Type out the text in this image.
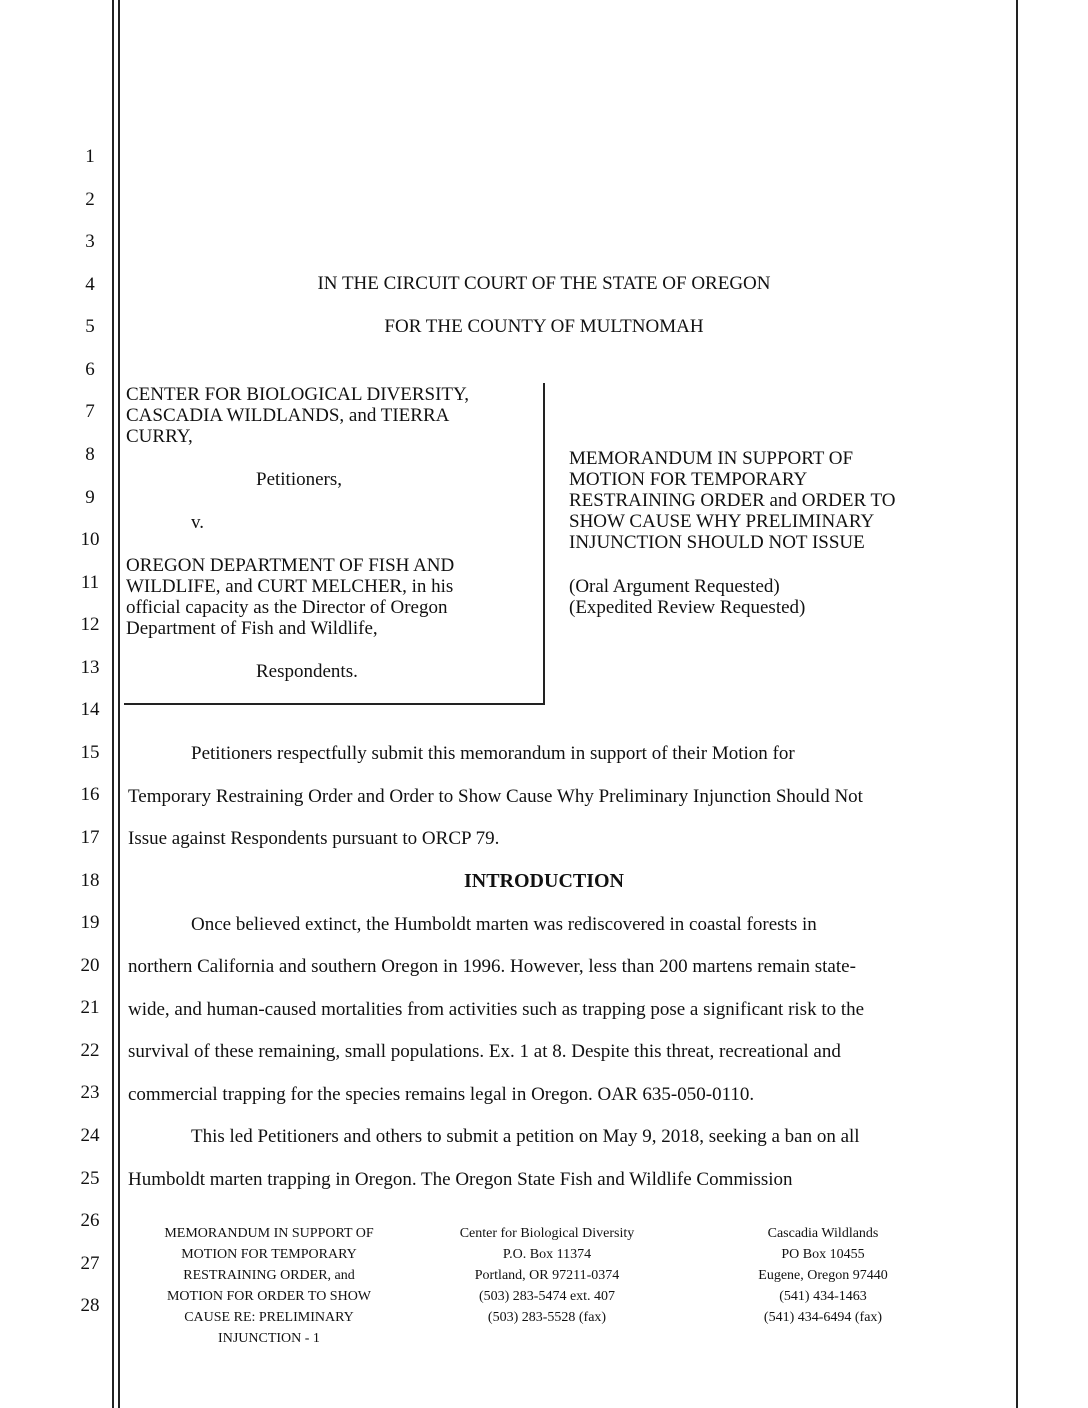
1
2
3
4
5
6
7
8
9
10
11
12
13
14
15
16
17
18
19
20
21
22
23
24
25
26
27
28
IN THE CIRCUIT COURT OF THE STATE OF OREGON
FOR THE COUNTY OF MULTNOMAH
CENTER FOR BIOLOGICAL DIVERSITY,
CASCADIA WILDLANDS, and TIERRA
CURRY,
Petitioners,
v.
OREGON DEPARTMENT OF FISH AND
WILDLIFE, and CURT MELCHER, in his
official capacity as the Director of Oregon
Department of Fish and Wildlife,
Respondents.
MEMORANDUM IN SUPPORT OF
MOTION FOR TEMPORARY
RESTRAINING ORDER and ORDER TO
SHOW CAUSE WHY PRELIMINARY
INJUNCTION SHOULD NOT ISSUE
(Oral Argument Requested)
(Expedited Review Requested)
Petitioners respectfully submit this memorandum in support of their Motion for
Temporary Restraining Order and Order to Show Cause Why Preliminary Injunction Should Not
Issue against Respondents pursuant to ORCP 79.
INTRODUCTION
Once believed extinct, the Humboldt marten was rediscovered in coastal forests in
northern California and southern Oregon in 1996. However, less than 200 martens remain state-
wide, and human-caused mortalities from activities such as trapping pose a significant risk to the
survival of these remaining, small populations. Ex. 1 at 8. Despite this threat, recreational and
commercial trapping for the species remains legal in Oregon. OAR 635-050-0110.
This led Petitioners and others to submit a petition on May 9, 2018, seeking a ban on all
Humboldt marten trapping in Oregon. The Oregon State Fish and Wildlife Commission
MEMORANDUM IN SUPPORT OF
MOTION FOR TEMPORARY
RESTRAINING ORDER, and
MOTION FOR ORDER TO SHOW
CAUSE RE: PRELIMINARY
INJUNCTION - 1
Center for Biological Diversity
P.O. Box 11374
Portland, OR 97211-0374
(503) 283-5474 ext. 407
(503) 283-5528 (fax)
Cascadia Wildlands
PO Box 10455
Eugene, Oregon 97440
(541) 434-1463
(541) 434-6494 (fax)
